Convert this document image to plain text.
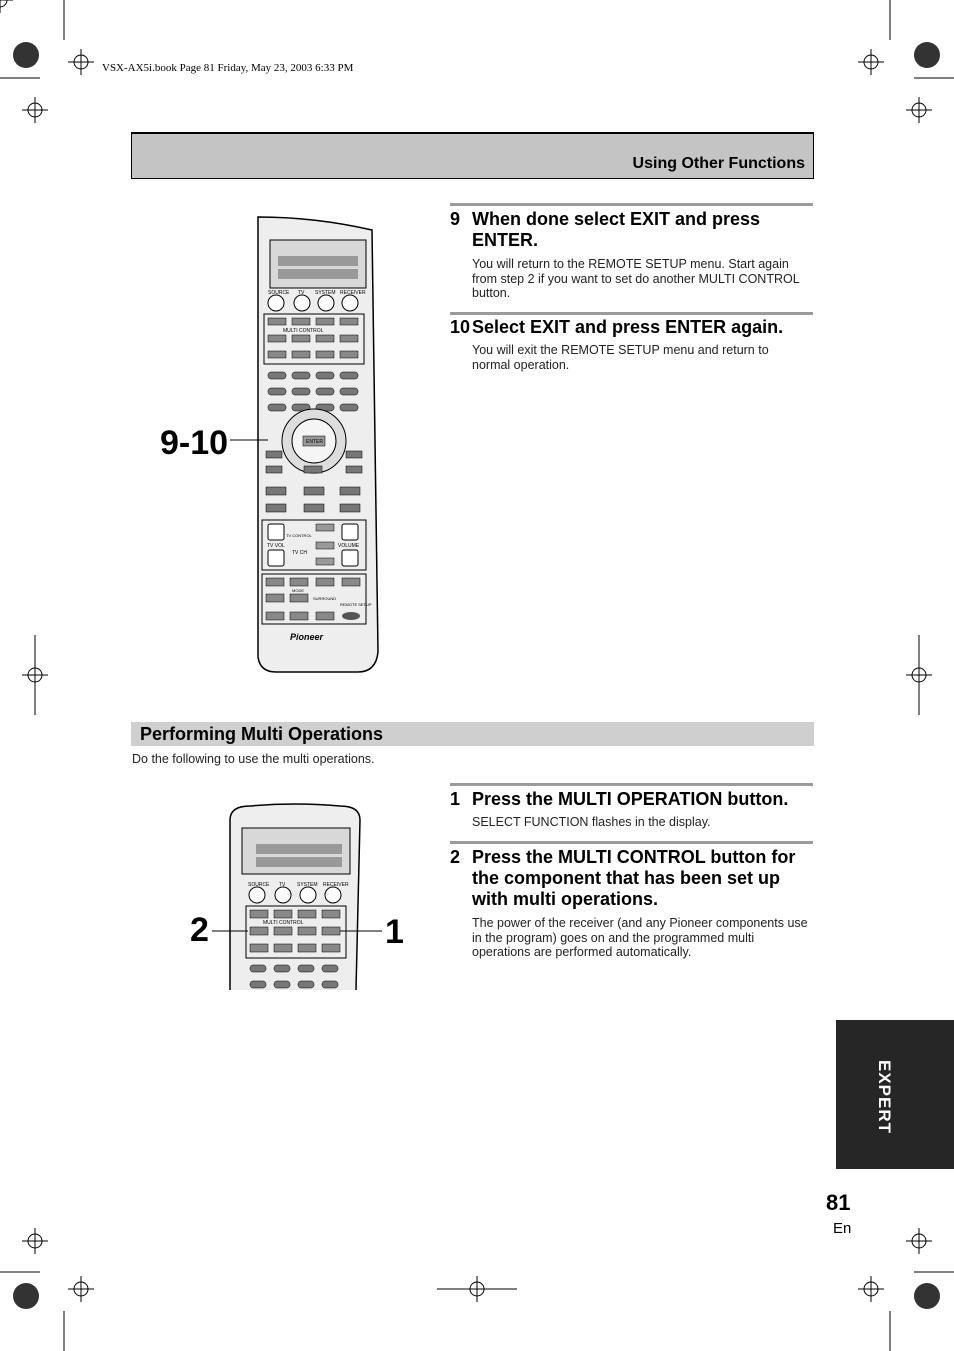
VSX-AX5i.book Page 81 Friday, May 23, 2003 6:33 PM
Using Other Functions
SOURCE TV SYSTEM RECEIVER
MULTI CONTROL
ENTER
TV VOL
TV CH
TV CONTROL
VOLUME
MODE
SURROUND
REMOTE SETUP
Pioneer
9-10
9 When done select EXIT and press ENTER.
You will return to the REMOTE SETUP menu. Start again from step 2 if you want to set do another MULTI CONTROL button.
10 Select EXIT and press ENTER again.
You will exit the REMOTE SETUP menu and return to normal operation.
Performing Multi Operations
Do the following to use the multi operations.
SOURCE TV SYSTEM RECEIVER
MULTI CONTROL
2	1
1 Press the MULTI OPERATION button.
SELECT FUNCTION flashes in the display.
2 Press the MULTI CONTROL button for the component that has been set up with multi operations.
The power of the receiver (and any Pioneer components use in the program) goes on and the programmed multi operations are performed automatically.
EXPERT
81
En
